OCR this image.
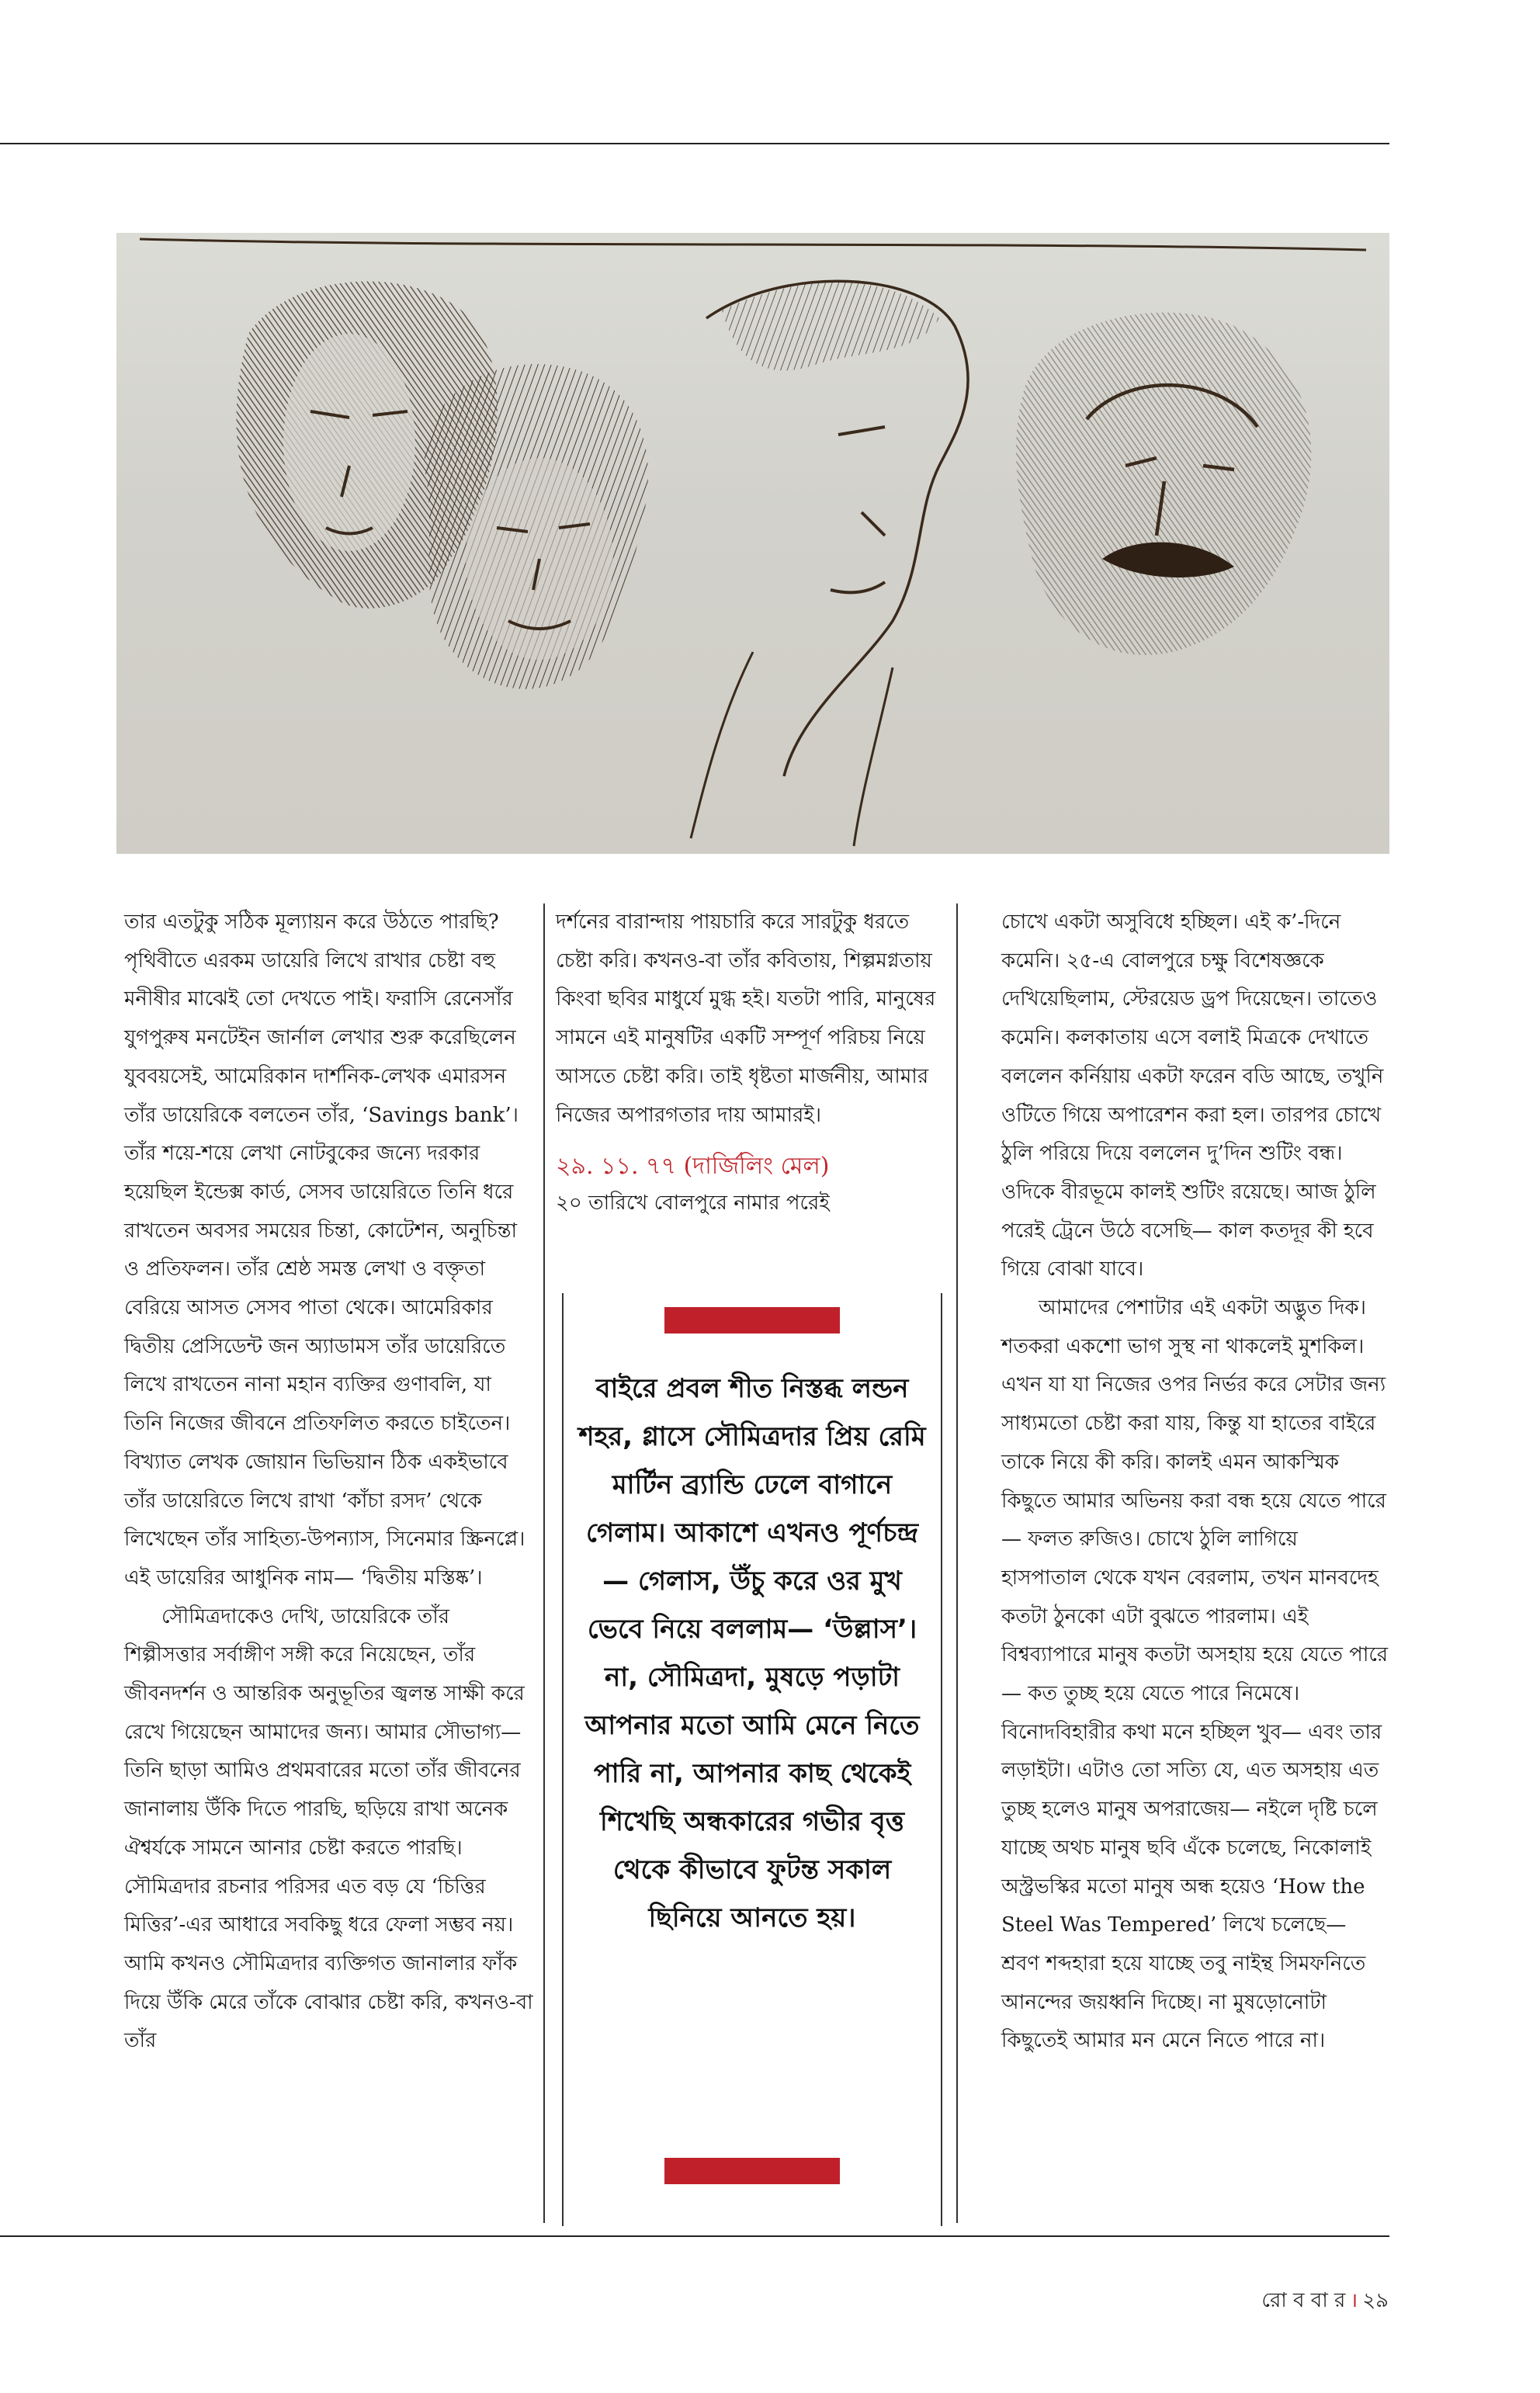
তার এতটুকু সঠিক মূল্যায়ন করে উঠতে পারছি? পৃথিবীতে এরকম ডায়েরি লিখে রাখার চেষ্টা বহু মনীষীর মাঝেই তো দেখতে পাই। ফরাসি রেনেসাঁর যুগপুরুষ মনটেইন জার্নাল লেখার শুরু করেছিলেন যুববয়সেই, আমেরিকান দার্শনিক-লেখক এমারসন তাঁর ডায়েরিকে বলতেন তাঁর, ‘Savings bank’। তাঁর শয়ে-শয়ে লেখা নোটবুকের জন্যে দরকার হয়েছিল ইন্ডেক্স কার্ড, সেসব ডায়েরিতে তিনি ধরে রাখতেন অবসর সময়ের চিন্তা, কোটেশন, অনুচিন্তা ও প্রতিফলন। তাঁর শ্রেষ্ঠ সমস্ত লেখা ও বক্তৃতা বেরিয়ে আসত সেসব পাতা থেকে। আমেরিকার দ্বিতীয় প্রেসিডেন্ট জন অ্যাডামস তাঁর ডায়েরিতে লিখে রাখতেন নানা মহান ব্যক্তির গুণাবলি, যা তিনি নিজের জীবনে প্রতিফলিত করতে চাইতেন। বিখ্যাত লেখক জোয়ান ভিভিয়ান ঠিক একইভাবে তাঁর ডায়েরিতে লিখে রাখা ‘কাঁচা রসদ’ থেকে লিখেছেন তাঁর সাহিত্য-উপন্যাস, সিনেমার স্ক্রিনপ্লে। এই ডায়েরির আধুনিক নাম— ‘দ্বিতীয় মস্তিষ্ক’।

সৌমিত্রদাকেও দেখি, ডায়েরিকে তাঁর শিল্পীসত্তার সর্বাঙ্গীণ সঙ্গী করে নিয়েছেন, তাঁর জীবনদর্শন ও আন্তরিক অনুভূতির জ্বলন্ত সাক্ষী করে রেখে গিয়েছেন আমাদের জন্য। আমার সৌভাগ্য— তিনি ছাড়া আমিও প্রথমবারের মতো তাঁর জীবনের জানালায় উঁকি দিতে পারছি, ছড়িয়ে রাখা অনেক ঐশ্বর্যকে সামনে আনার চেষ্টা করতে পারছি। সৌমিত্রদার রচনার পরিসর এত বড় যে ‘চিত্তির মিত্তির’-এর আধারে সবকিছু ধরে ফেলা সম্ভব নয়। আমি কখনও সৌমিত্রদার ব্যক্তিগত জানালার ফাঁক দিয়ে উঁকি মেরে তাঁকে বোঝার চেষ্টা করি, কখনও-বা তাঁর

দর্শনের বারান্দায় পায়চারি করে সারটুকু ধরতে চেষ্টা করি। কখনও-বা তাঁর কবিতায়, শিল্পমগ্নতায় কিংবা ছবির মাধুর্যে মুগ্ধ হই। যতটা পারি, মানুষের সামনে এই মানুষটির একটি সম্পূর্ণ পরিচয় নিয়ে আসতে চেষ্টা করি। তাই ধৃষ্টতা মার্জনীয়, আমার নিজের অপারগতার দায় আমারই।

২৯. ১১. ৭৭ (দার্জিলিং মেল)

২০ তারিখে বোলপুরে নামার পরেই

বাইরে প্রবল শীত নিস্তব্ধ লন্ডন শহর, গ্লাসে সৌমিত্রদার প্রিয় রেমি মার্টিন ব্র্যান্ডি ঢেলে বাগানে গেলাম। আকাশে এখনও পূর্ণচন্দ্র— গেলাস, উঁচু করে ওর মুখ ভেবে নিয়ে বললাম— ‘উল্লাস’। না, সৌমিত্রদা, মুষড়ে পড়াটা আপনার মতো আমি মেনে নিতে পারি না, আপনার কাছ থেকেই শিখেছি অন্ধকারের গভীর বৃত্ত থেকে কীভাবে ফুটন্ত সকাল ছিনিয়ে আনতে হয়।

চোখে একটা অসুবিধে হচ্ছিল। এই ক’-দিনে কমেনি। ২৫-এ বোলপুরে চক্ষু বিশেষজ্ঞকে দেখিয়েছিলাম, স্টেরয়েড ড্রপ দিয়েছেন। তাতেও কমেনি। কলকাতায় এসে বলাই মিত্রকে দেখাতে বললেন কর্নিয়ায় একটা ফরেন বডি আছে, তখুনি ওটিতে গিয়ে অপারেশন করা হল। তারপর চোখে ঠুলি পরিয়ে দিয়ে বললেন দু’দিন শুটিং বন্ধ। ওদিকে বীরভূমে কালই শুটিং রয়েছে। আজ ঠুলি পরেই ট্রেনে উঠে বসেছি— কাল কতদূর কী হবে গিয়ে বোঝা যাবে।

আমাদের পেশাটার এই একটা অদ্ভুত দিক। শতকরা একশো ভাগ সুস্থ না থাকলেই মুশকিল। এখন যা যা নিজের ওপর নির্ভর করে সেটার জন্য সাধ্যমতো চেষ্টা করা যায়, কিন্তু যা হাতের বাইরে তাকে নিয়ে কী করি। কালই এমন আকস্মিক কিছুতে আমার অভিনয় করা বন্ধ হয়ে যেতে পারে— ফলত রুজিও। চোখে ঠুলি লাগিয়ে হাসপাতাল থেকে যখন বেরলাম, তখন মানবদেহ কতটা ঠুনকো এটা বুঝতে পারলাম। এই বিশ্বব্যাপারে মানুষ কতটা অসহায় হয়ে যেতে পারে— কত তুচ্ছ হয়ে যেতে পারে নিমেষে। বিনোদবিহারীর কথা মনে হচ্ছিল খুব— এবং তার লড়াইটা। এটাও তো সত্যি যে, এত অসহায় এত তুচ্ছ হলেও মানুষ অপরাজেয়— নইলে দৃষ্টি চলে যাচ্ছে অথচ মানুষ ছবি এঁকে চলেছে, নিকোলাই অস্ট্রভস্কির মতো মানুষ অন্ধ হয়েও ‘How the Steel Was Tempered’ লিখে চলেছে— শ্রবণ শব্দহারা হয়ে যাচ্ছে তবু নাইন্থ সিমফনিতে আনন্দের জয়ধ্বনি দিচ্ছে। না মুষড়োনোটা কিছুতেই আমার মন মেনে নিতে পারে না।

রো ব বা র । ২৯
